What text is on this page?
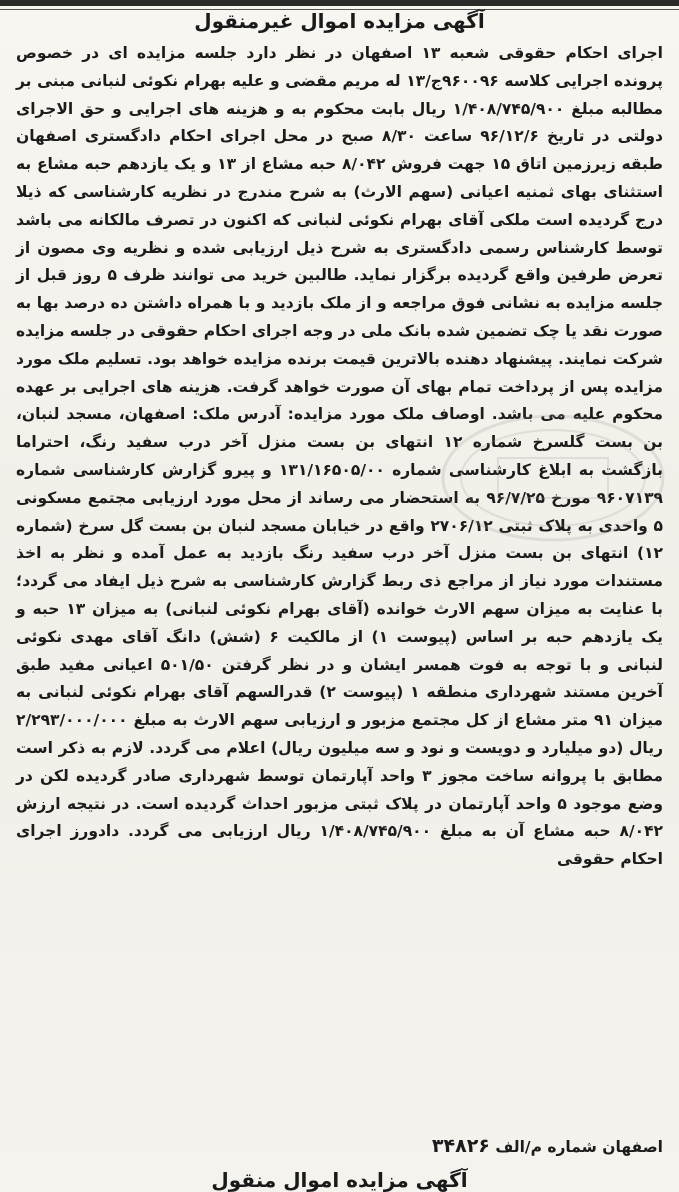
آگهی مزایده اموال غیرمنقول

اجرای احکام حقوقی شعبه ۱۳ اصفهان در نظر دارد جلسه مزایده ای در خصوص پرونده اجرایی کلاسه ۹۶۰۰۹۶ج/۱۳ له مریم مقضی و علیه بهرام نکوئی لنبانی مبنی بر مطالبه مبلغ ۱/۴۰۸/۷۴۵/۹۰۰ ریال بابت محکوم به و هزینه های اجرایی و حق الاجرای دولتی در تاریخ ۹۶/۱۲/۶ ساعت ۸/۳۰ صبح در محل اجرای احکام دادگستری اصفهان طبقه زیرزمین اتاق ۱۵ جهت فروش ۸/۰۴۲ حبه مشاع از ۱۳ و یک یازدهم حبه مشاع به استثنای بهای ثمنیه اعیانی (سهم الارث) به شرح مندرج در نظریه کارشناسی که ذیلا درج گردیده است ملکی آقای بهرام نکوئی لنبانی که اکنون در تصرف مالکانه می باشد توسط کارشناس رسمی دادگستری به شرح ذیل ارزیابی شده و نظریه وی مصون از تعرض طرفین واقع گردیده برگزار نماید. طالبین خرید می توانند ظرف ۵ روز قبل از جلسه مزایده به نشانی فوق مراجعه و از ملک بازدید و با همراه داشتن ده درصد بها به صورت نقد یا چک تضمین شده بانک ملی در وجه اجرای احکام حقوقی در جلسه مزایده شرکت نمایند. پیشنهاد دهنده بالاترین قیمت برنده مزایده خواهد بود. تسلیم ملک مورد مزایده پس از پرداخت تمام بهای آن صورت خواهد گرفت. هزینه های اجرایی بر عهده محکوم علیه می باشد. اوصاف ملک مورد مزایده: آدرس ملک: اصفهان، مسجد لنبان، بن بست گلسرخ شماره ۱۲ انتهای بن بست منزل آخر درب سفید رنگ، احتراما بازگشت به ابلاغ کارشناسی شماره ۱۳۱/۱۶۵۰۵/۰۰ و پیرو گزارش کارشناسی شماره ۹۶۰۷۱۳۹ مورخ ۹۶/۷/۲۵ به استحضار می رساند از محل مورد ارزیابی مجتمع مسکونی ۵ واحدی به پلاک ثبتی ۲۷۰۶/۱۲ واقع در خیابان مسجد لنبان بن بست گل سرخ (شماره ۱۲) انتهای بن بست منزل آخر درب سفید رنگ بازدید به عمل آمده و نظر به اخذ مستندات مورد نیاز از مراجع ذی ربط گزارش کارشناسی به شرح ذیل ایفاد می گردد؛ با عنایت به میزان سهم الارث خوانده (آقای بهرام نکوئی لنبانی) به میزان ۱۳ حبه و یک یازدهم حبه بر اساس (پیوست ۱) از مالکیت ۶ (شش) دانگ آقای مهدی نکوئی لنبانی و با توجه به فوت همسر ایشان و در نظر گرفتن ۵۰۱/۵۰ اعیانی مفید طبق آخرین مستند شهرداری منطقه ۱ (پیوست ۲) قدرالسهم آقای بهرام نکوئی لنبانی به میزان ۹۱ متر مشاع از کل مجتمع مزبور و ارزیابی سهم الارث به مبلغ ۲/۲۹۳/۰۰۰/۰۰۰ ریال (دو میلیارد و دویست و نود و سه میلیون ریال) اعلام می گردد. لازم به ذکر است مطابق با پروانه ساخت مجوز ۳ واحد آپارتمان توسط شهرداری صادر گردیده لکن در وضع موجود ۵ واحد آپارتمان در پلاک ثبتی مزبور احداث گردیده است. در نتیجه ارزش ۸/۰۴۲ حبه مشاع آن به مبلغ ۱/۴۰۸/۷۴۵/۹۰۰ ریال ارزیابی می گردد. دادورز اجرای احکام حقوقی

اصفهان شماره م/الف ۳۴۸۲۶

آگهی مزایده اموال منقول
